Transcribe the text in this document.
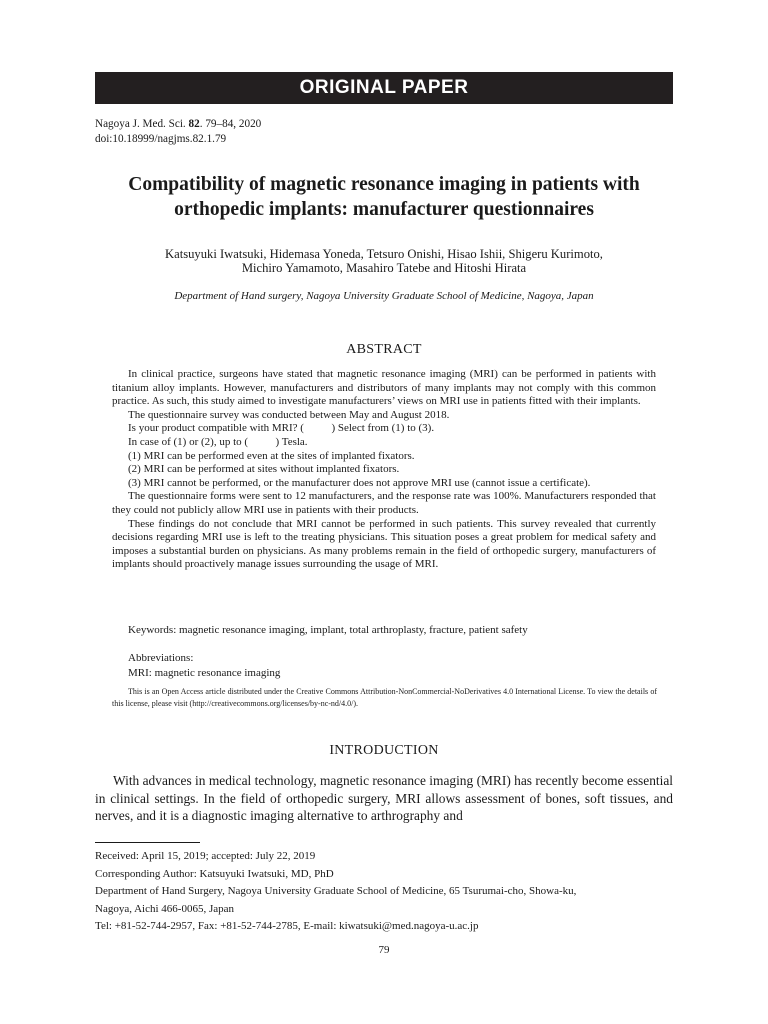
ORIGINAL PAPER
Nagoya J. Med. Sci. 82. 79–84, 2020
doi:10.18999/nagjms.82.1.79
Compatibility of magnetic resonance imaging in patients with
orthopedic implants: manufacturer questionnaires
Katsuyuki Iwatsuki, Hidemasa Yoneda, Tetsuro Onishi, Hisao Ishii, Shigeru Kurimoto,
Michiro Yamamoto, Masahiro Tatebe and Hitoshi Hirata
Department of Hand surgery, Nagoya University Graduate School of Medicine, Nagoya, Japan
ABSTRACT

In clinical practice, surgeons have stated that magnetic resonance imaging (MRI) can be performed in patients with titanium alloy implants. However, manufacturers and distributors of many implants may not comply with this common practice. As such, this study aimed to investigate manufacturers’ views on MRI use in patients fitted with their implants.

The questionnaire survey was conducted between May and August 2018.

Is your product compatible with MRI? (          ) Select from (1) to (3).

In case of (1) or (2), up to (          ) Tesla.

(1) MRI can be performed even at the sites of implanted fixators.

(2) MRI can be performed at sites without implanted fixators.

(3) MRI cannot be performed, or the manufacturer does not approve MRI use (cannot issue a certificate).

The questionnaire forms were sent to 12 manufacturers, and the response rate was 100%. Manufacturers responded that they could not publicly allow MRI use in patients with their products.

These findings do not conclude that MRI cannot be performed in such patients. This survey revealed that currently decisions regarding MRI use is left to the treating physicians. This situation poses a great problem for medical safety and imposes a substantial burden on physicians. As many problems remain in the field of orthopedic surgery, manufacturers of implants should proactively manage issues surrounding the usage of MRI.

Keywords: magnetic resonance imaging, implant, total arthroplasty, fracture, patient safety
Abbreviations:
MRI: magnetic resonance imaging

This is an Open Access article distributed under the Creative Commons Attribution-NonCommercial-NoDerivatives 4.0 International License. To view the details of this license, please visit (http://creativecommons.org/licenses/by-nc-nd/4.0/).

INTRODUCTION

With advances in medical technology, magnetic resonance imaging (MRI) has recently become essential in clinical settings. In the field of orthopedic surgery, MRI allows assessment of bones, soft tissues, and nerves, and it is a diagnostic imaging alternative to arthrography and

Received: April 15, 2019; accepted: July 22, 2019
Corresponding Author: Katsuyuki Iwatsuki, MD, PhD
Department of Hand Surgery, Nagoya University Graduate School of Medicine, 65 Tsurumai-cho, Showa-ku,
Nagoya, Aichi 466-0065, Japan
Tel: +81-52-744-2957, Fax: +81-52-744-2785, E-mail: kiwatsuki@med.nagoya-u.ac.jp
79
